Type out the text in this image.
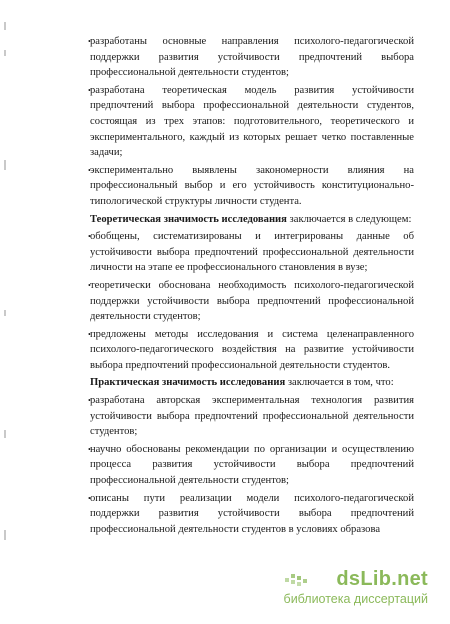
• разработаны основные направления психолого-педагогической поддержки развития устойчивости предпочтений выбора профессиональной деятельности студентов;
• разработана теоретическая модель развития устойчивости предпочтений выбора профессиональной деятельности студентов, состоящая из трех этапов: подготовительного, теоретического и экспериментального, каждый из которых решает четко поставленные задачи;
• экспериментально выявлены закономерности влияния на профессиональный выбор и его устойчивость конституционально-типологической структуры личности студента.

Теоретическая значимость исследования заключается в следующем:

• обобщены, систематизированы и интегрированы данные об устойчивости выбора предпочтений профессиональной деятельности личности на этапе ее профессионального становления в вузе;
• теоретически обоснована необходимость психолого-педагогической поддержки устойчивости выбора предпочтений профессиональной деятельности студентов;
• предложены методы исследования и система целенаправленного психолого-педагогического воздействия на развитие устойчивости выбора предпочтений профессиональной деятельности студентов.

Практическая значимость исследования заключается в том, что:

• разработана авторская экспериментальная технология развития устойчивости выбора предпочтений профессиональной деятельности студентов;
• научно обоснованы рекомендации по организации и осуществлению процесса развития устойчивости выбора предпочтений профессиональной деятельности студентов;
• описаны пути реализации модели психолого-педагогической поддержки развития устойчивости выбора предпочтений профессиональной деятельности студентов в условиях образова
dsLib.net
библиотека диссертаций
